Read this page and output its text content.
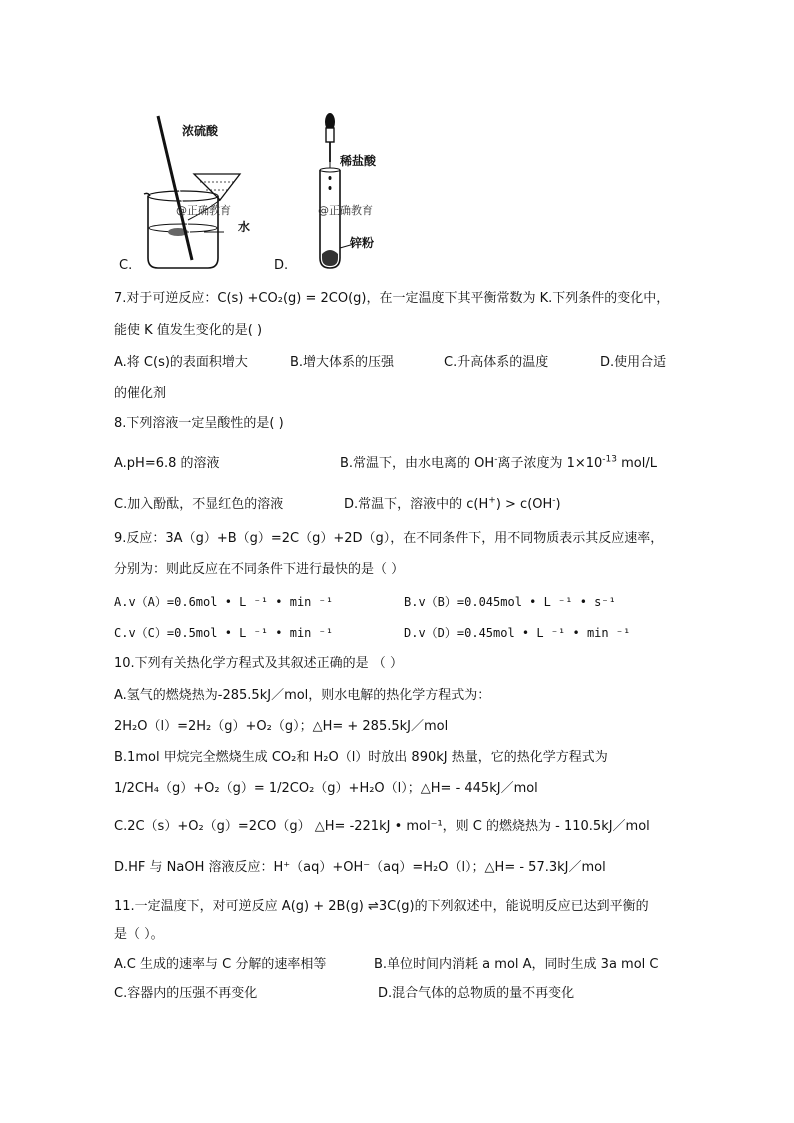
浓硫酸
水
@正确教育
C.
稀盐酸
锌粉
@正确教育
D.
7.对于可逆反应：C(s) +CO₂(g) = 2CO(g)，在一定温度下其平衡常数为 K.下列条件的变化中，
能使 K 值发生变化的是( )
A.将 C(s)的表面积增大	B.增大体系的压强	C.升高体系的温度	D.使用合适
的催化剂
8.下列溶液一定呈酸性的是( )
A.pH=6.8 的溶液	B.常温下，由水电离的 OH-离子浓度为 $1\times 10^{-13}$ mol/L
C.加入酚酞，不显红色的溶液	D.常温下，溶液中的 c(H+) > c(OH-)
9.反应：3A（g）+B（g）=2C（g）+2D（g），在不同条件下，用不同物质表示其反应速率，
分别为：则此反应在不同条件下进行最快的是（ ）
A.v（A）=0.6mol • L ⁻¹ • min ⁻¹	B.v（B）=0.045mol • L ⁻¹ • s⁻¹
C.v（C）=0.5mol • L ⁻¹ • min ⁻¹	D.v（D）=0.45mol • L ⁻¹ • min ⁻¹
10.下列有关热化学方程式及其叙述正确的是 （ ）
A.氢气的燃烧热为-285.5kJ／mol，则水电解的热化学方程式为：
2H₂O（l）=2H₂（g）+O₂（g）；△H= + 285.5kJ／mol
B.1mol 甲烷完全燃烧生成 CO₂和 H₂O（l）时放出 890kJ 热量，它的热化学方程式为
1/2CH₄（g）+O₂（g）= 1/2CO₂（g）+H₂O（l）；△H= - 445kJ／mol
C.2C（s）+O₂（g）=2CO（g） △H= -221kJ • mol⁻¹，则 C 的燃烧热为 - 110.5kJ／mol
D.HF 与 NaOH 溶液反应：H⁺（aq）+OH⁻（aq）=H₂O（l）；△H= - 57.3kJ／mol
11.一定温度下，对可逆反应 A(g) + 2B(g) ⇌3C(g)的下列叙述中，能说明反应已达到平衡的
是（ ）。
A.C 生成的速率与 C 分解的速率相等	B.单位时间内消耗 a mol A，同时生成 3a mol C
C.容器内的压强不再变化	D.混合气体的总物质的量不再变化
